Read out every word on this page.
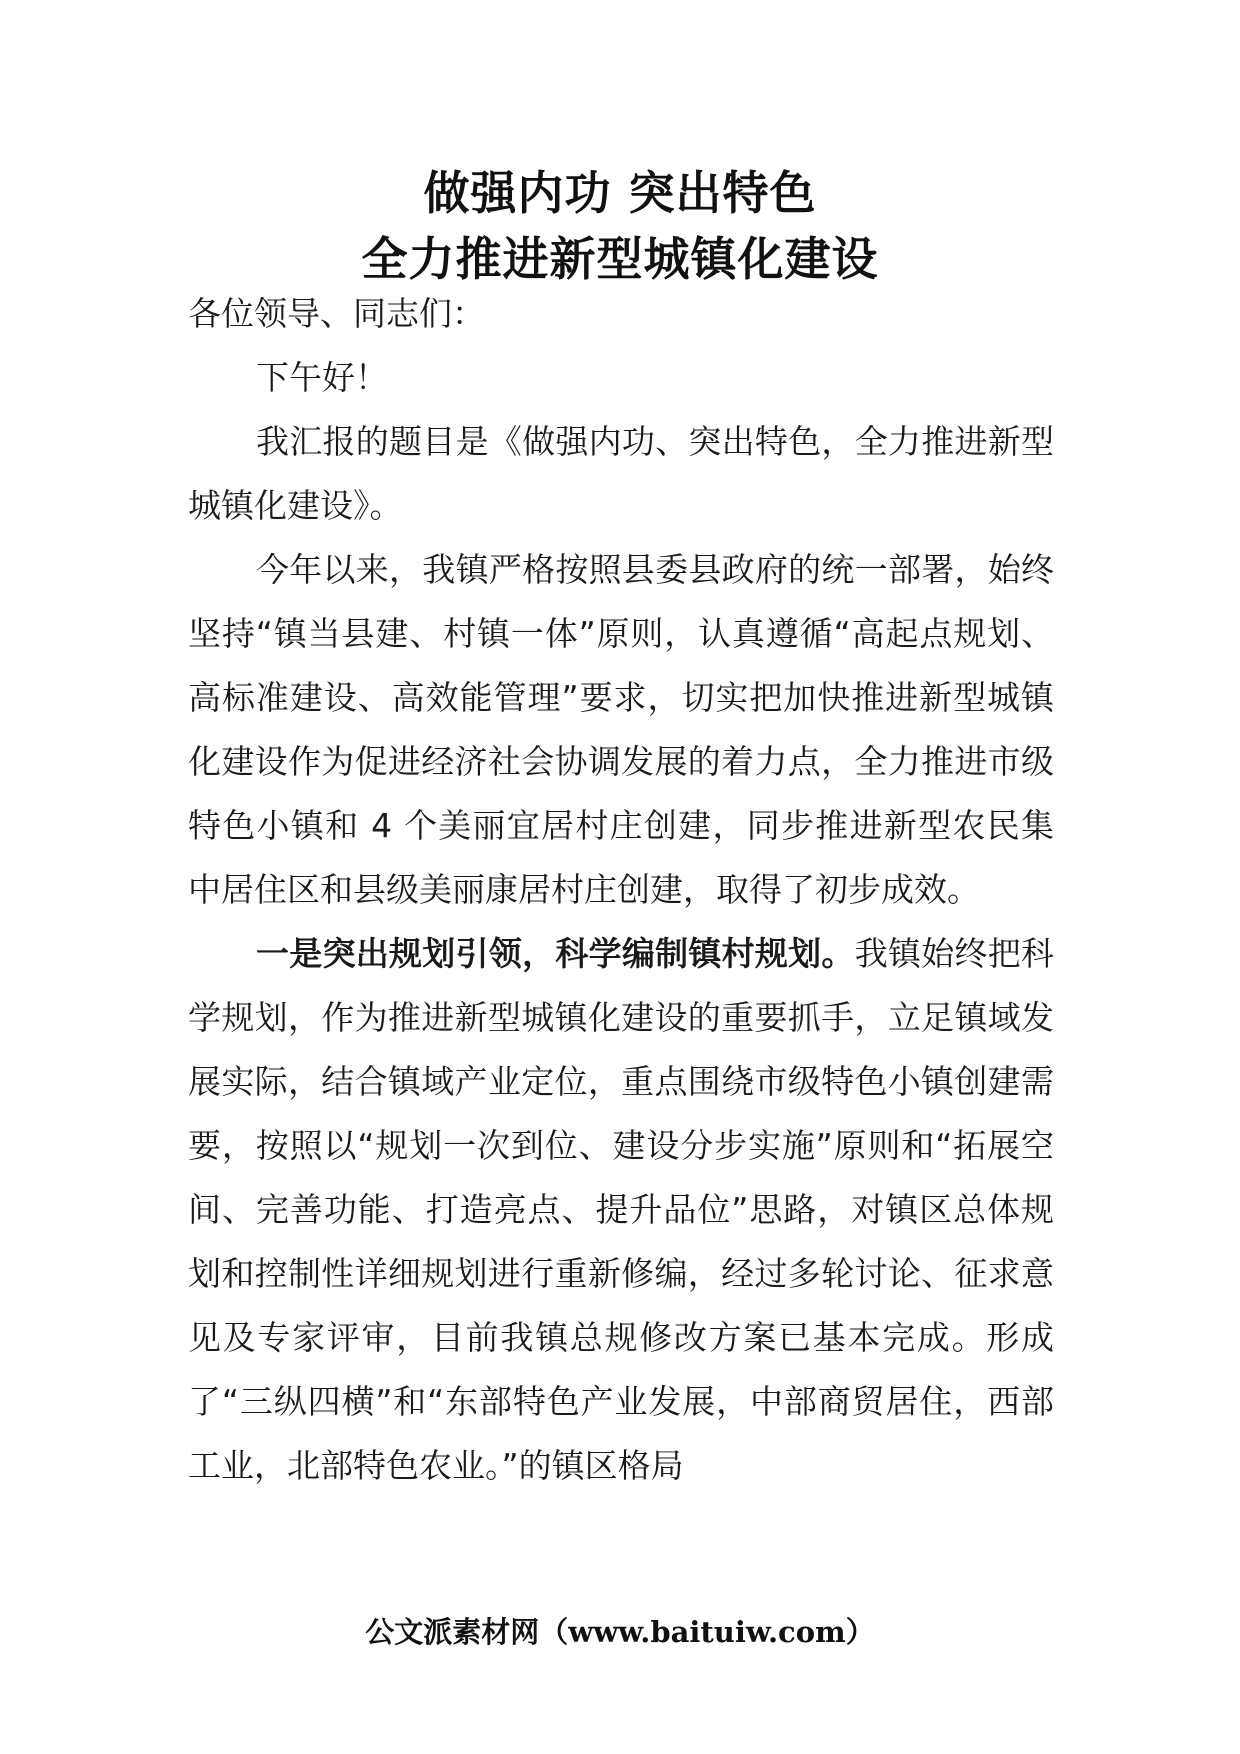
做强内功 突出特色
全力推进新型城镇化建设

各位领导、同志们：

下午好！

我汇报的题目是《做强内功、突出特色，全力推进新型城镇化建设》。

今年以来，我镇严格按照县委县政府的统一部署，始终坚持“镇当县建、村镇一体”原则，认真遵循“高起点规划、高标准建设、高效能管理”要求，切实把加快推进新型城镇化建设作为促进经济社会协调发展的着力点，全力推进市级特色小镇和 4 个美丽宜居村庄创建，同步推进新型农民集中居住区和县级美丽康居村庄创建，取得了初步成效。

一是突出规划引领，科学编制镇村规划。我镇始终把科学规划，作为推进新型城镇化建设的重要抓手，立足镇域发展实际，结合镇域产业定位，重点围绕市级特色小镇创建需要，按照以“规划一次到位、建设分步实施”原则和“拓展空间、完善功能、打造亮点、提升品位”思路，对镇区总体规划和控制性详细规划进行重新修编，经过多轮讨论、征求意见及专家评审，目前我镇总规修改方案已基本完成。形成了“三纵四横”和“东部特色产业发展，中部商贸居住，西部工业，北部特色农业。”的镇区格局

公文派素材网（www.baituiw.com）
